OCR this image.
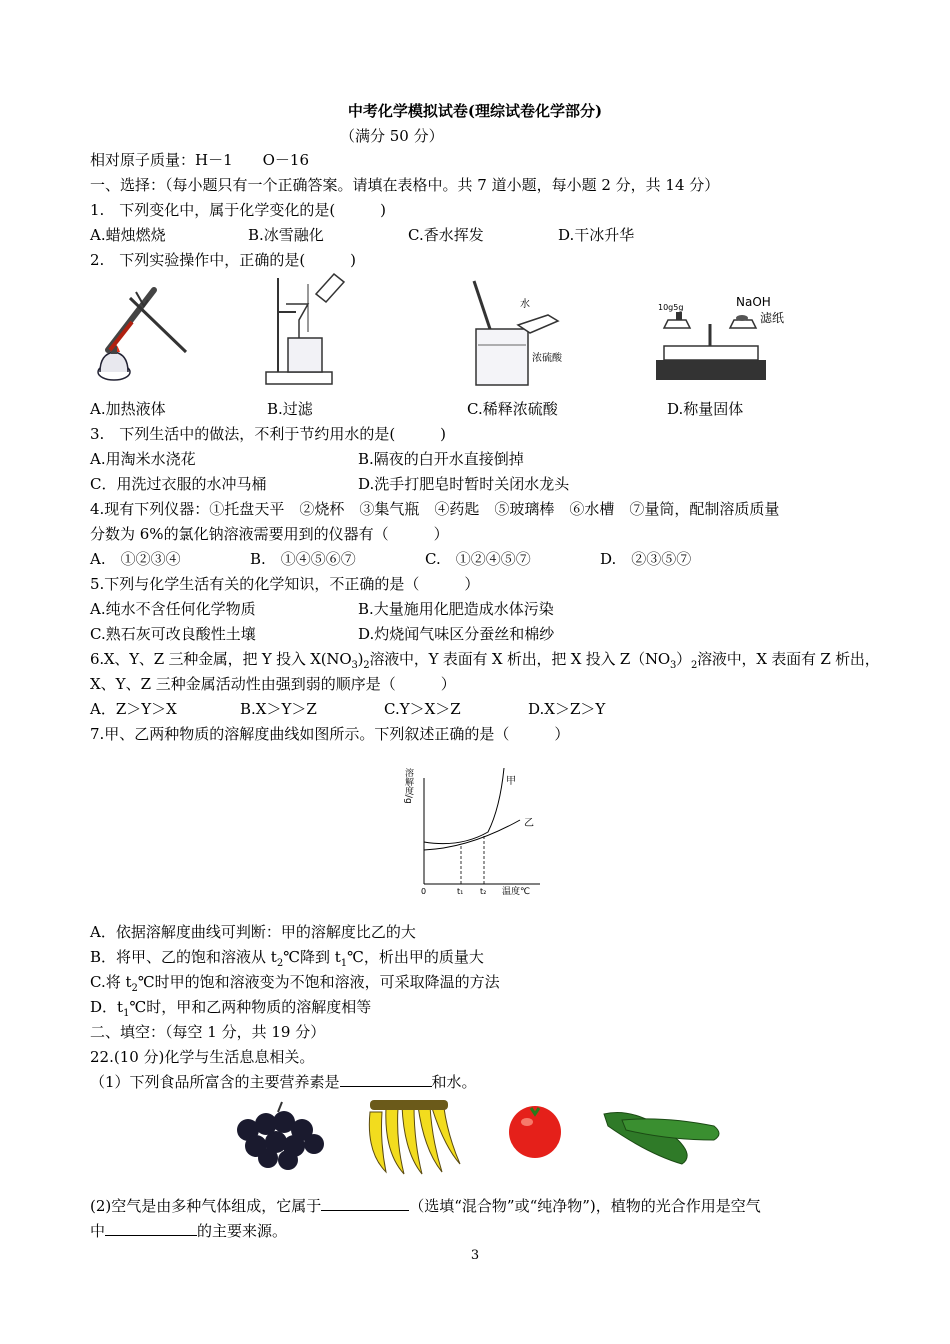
中考化学模拟试卷(理综试卷化学部分)
（满分 50 分）
相对原子质量：H－1　　O－16
一、选择：（每小题只有一个正确答案。请填在表格中。共 7 道小题，每小题 2 分，共 14 分）
1.　下列变化中，属于化学变化的是(　　　)
A.蜡烛燃烧	B.冰雪融化	C.香水挥发	D.干冰升华
2.　下列实验操作中，正确的是(　　　)
水
浓硫酸
10g5g	NaOH
滤纸
A.加热液体	B.过滤	C.稀释浓硫酸	D.称量固体
3.　下列生活中的做法，不利于节约用水的是(　　　)
A.用淘米水浇花	B.隔夜的白开水直接倒掉
C．用洗过衣服的水冲马桶	D.洗手打肥皂时暂时关闭水龙头
4.现有下列仪器：①托盘天平　②烧杯　③集气瓶　④药匙　⑤玻璃棒　⑥水槽　⑦量筒，配制溶质质量
分数为 6%的氯化钠溶液需要用到的仪器有（　　　）
A.　①②③④	B.　①④⑤⑥⑦	C.　①②④⑤⑦	D.　②③⑤⑦
5.下列与化学生活有关的化学知识，不正确的是（　　　）
A.纯水不含任何化学物质	B.大量施用化肥造成水体污染
C.熟石灰可改良酸性土壤	D.灼烧闻气味区分蚕丝和棉纱
6.X、Y、Z 三种金属，把 Y 投入 $X(NO_3)_2$溶液中，Y 表面有 X 析出，把 X 投入 $Z(NO_3)_2$溶液中，X 表面有 Z 析出，
X、Y、Z 三种金属活动性由强到弱的顺序是（　　　）
A．Z＞Y＞X	B.X＞Y＞Z	C.Y＞X＞Z	D.X＞Z＞Y
7.甲、乙两种物质的溶解度曲线如图所示。下列叙述正确的是（　　　）
溶解度/g	甲
乙
0	t₁ t₂ 温度℃
A．依据溶解度曲线可判断：甲的溶解度比乙的大
B．将甲、乙的饱和溶液从 $t_2℃$降到 $t_1℃$，析出甲的质量大
C.将 $t_2℃$时甲的饱和溶液变为不饱和溶液，可采取降温的方法
D．$t_1℃$时，甲和乙两种物质的溶解度相等
二、填空：（每空 1 分，共 19 分）
22.(10 分)化学与生活息息相关。
（1）下列食品所富含的主要营养素是	和水。
(2)空气是由多种气体组成，它属于	（选填“混合物”或“纯净物”)，植物的光合作用是空气
中	的主要来源。
3
